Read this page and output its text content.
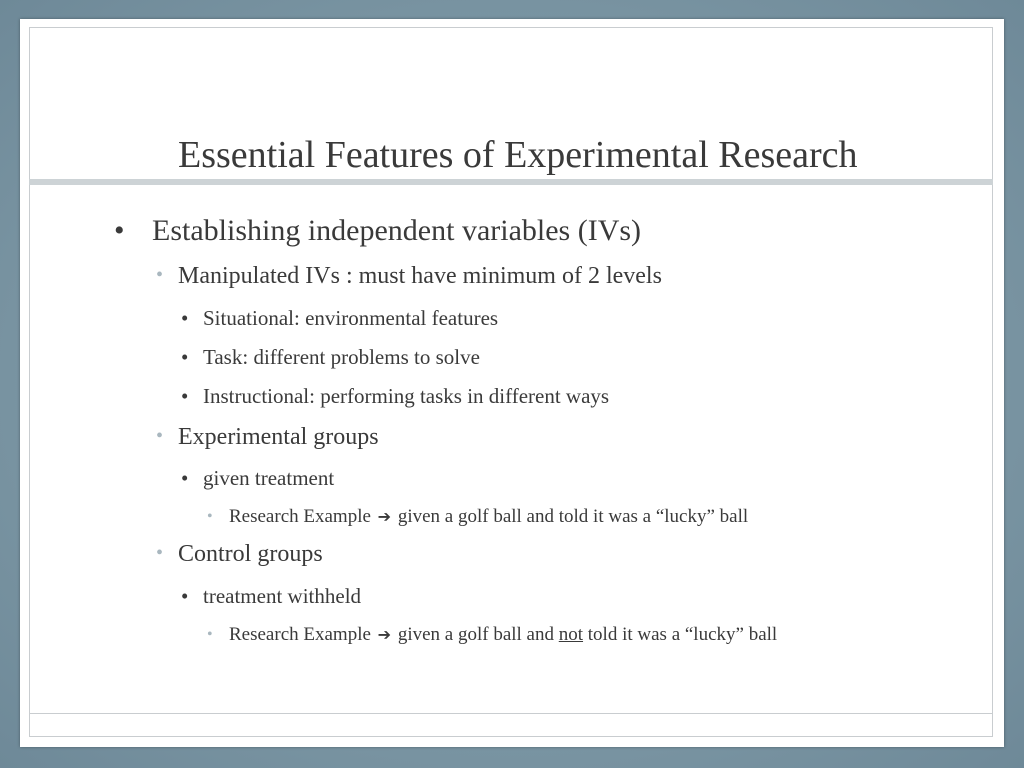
Essential Features of Experimental Research
• Establishing independent variables (IVs)
• Manipulated IVs : must have minimum of 2 levels
• Situational: environmental features
• Task: different problems to solve
• Instructional: performing tasks in different ways
• Experimental groups
• given treatment
• Research Example ➔ given a golf ball and told it was a “lucky” ball
• Control groups
• treatment withheld
• Research Example ➔ given a golf ball and not told it was a “lucky” ball
